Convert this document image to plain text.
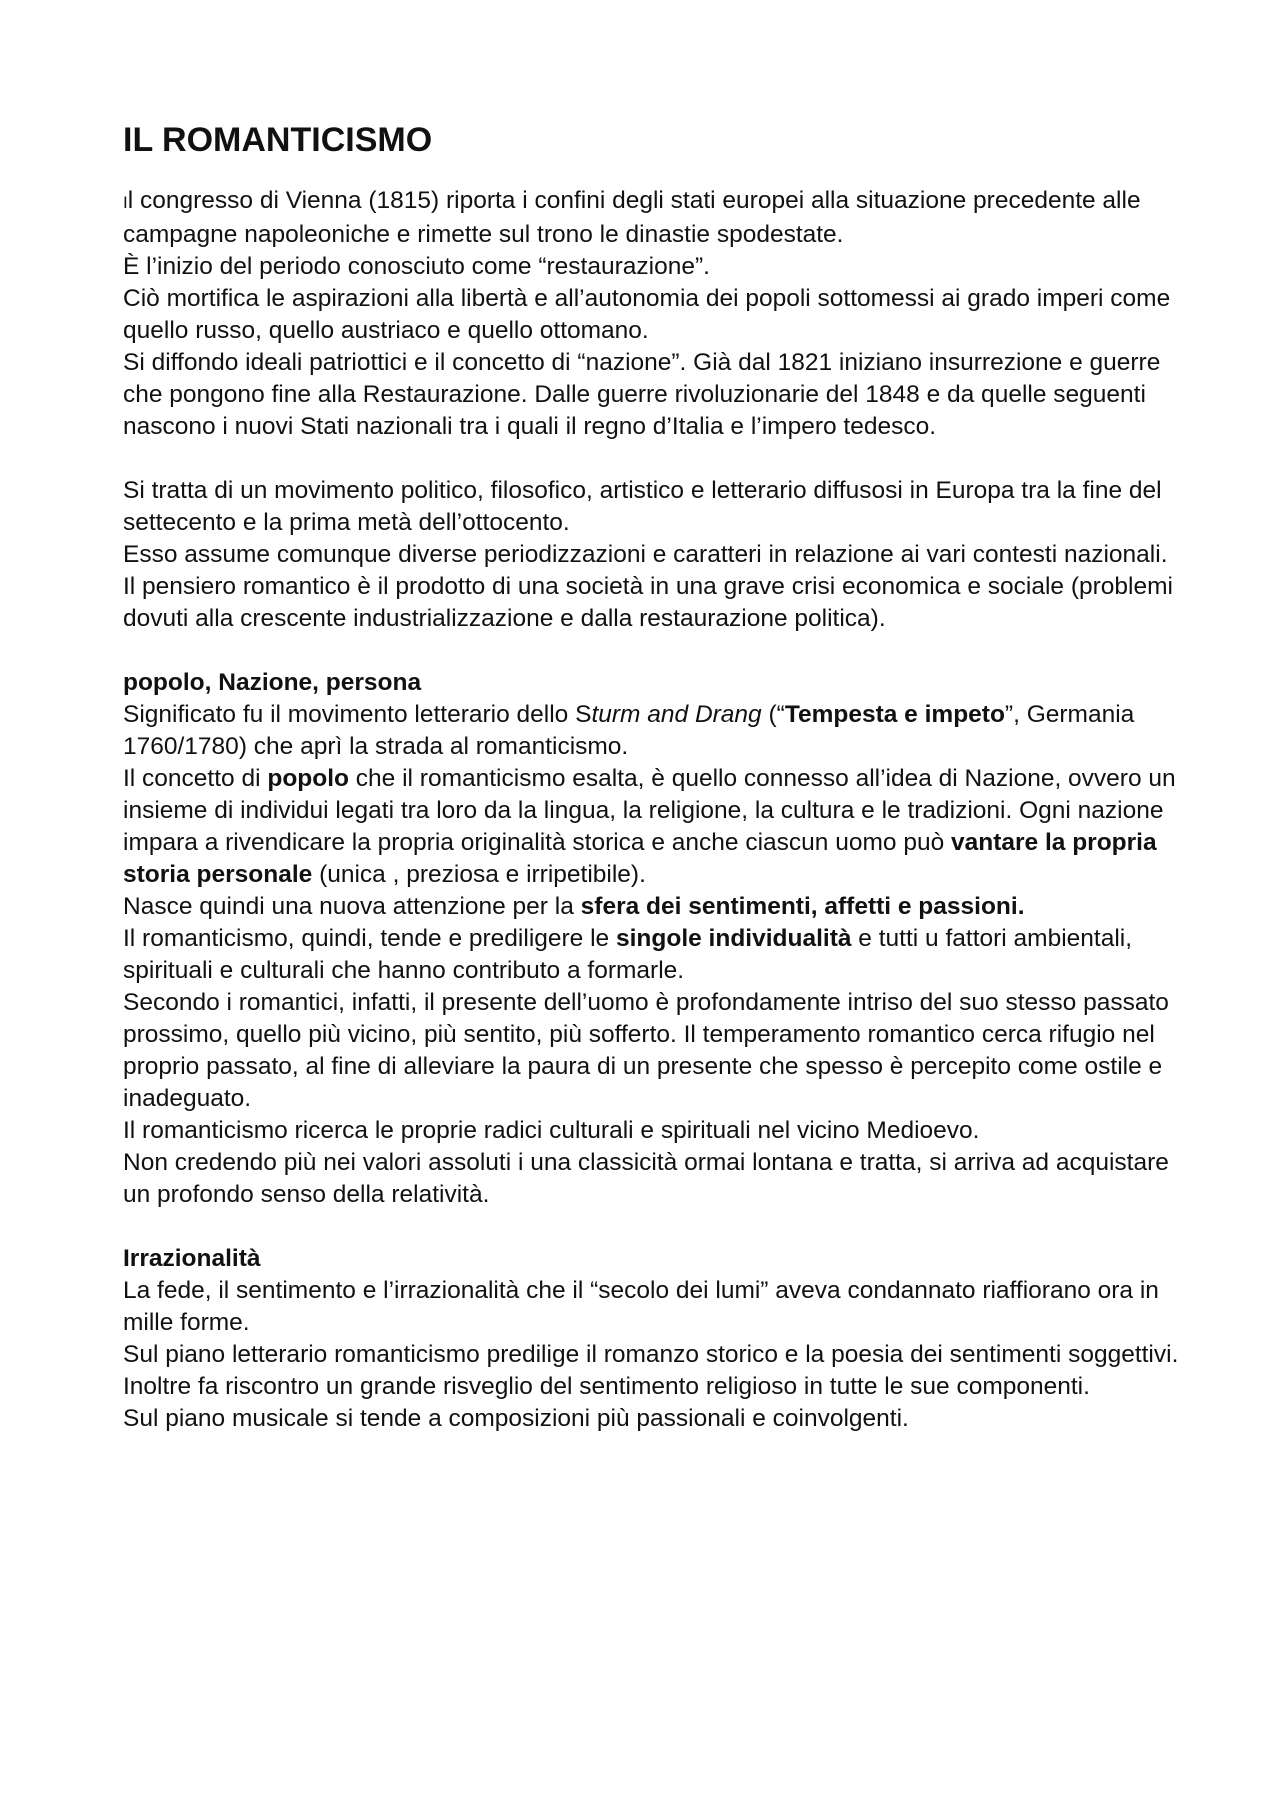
IL ROMANTICISMO

Il congresso di Vienna (1815) riporta i confini degli stati europei alla situazione precedente alle campagne napoleoniche e rimette sul trono le dinastie spodestate.

È l’inizio del periodo conosciuto come “restaurazione”.

Ciò mortifica le aspirazioni alla libertà e all’autonomia dei popoli sottomessi ai grado imperi come quello russo, quello austriaco e quello ottomano.

Si diffondo ideali patriottici e il concetto di “nazione”. Già dal 1821 iniziano insurrezione e guerre che pongono fine alla Restaurazione. Dalle guerre rivoluzionarie del 1848 e da quelle seguenti nascono i nuovi Stati nazionali tra i quali il regno d’Italia e l’impero tedesco.

Si tratta di un movimento politico, filosofico, artistico e letterario diffusosi in Europa tra la fine del settecento e la prima metà dell’ottocento.

Esso assume comunque diverse periodizzazioni e caratteri in relazione ai vari contesti nazionali.

Il pensiero romantico è il prodotto di una società in una grave crisi economica e sociale (problemi dovuti alla crescente industrializzazione e dalla restaurazione politica).

popolo, Nazione, persona

Significato fu il movimento letterario dello Sturm and Drang (“Tempesta e impeto”, Germania 1760/1780) che aprì la strada al romanticismo.

Il concetto di popolo che il romanticismo esalta, è quello connesso all’idea di Nazione, ovvero un insieme di individui legati tra loro da la lingua, la religione, la cultura e le tradizioni. Ogni nazione impara a rivendicare la propria originalità storica e anche ciascun uomo può vantare la propria storia personale (unica , preziosa e irripetibile).

Nasce quindi una nuova attenzione per la sfera dei sentimenti, affetti e passioni.

Il romanticismo, quindi, tende e prediligere le singole individualità e tutti u fattori ambientali, spirituali e culturali che hanno contributo a formarle.

Secondo i romantici, infatti, il presente dell’uomo è profondamente intriso del suo stesso passato prossimo, quello più vicino, più sentito, più sofferto. Il temperamento romantico cerca rifugio nel proprio passato, al fine di alleviare la paura di un presente che spesso è percepito come ostile e inadeguato.

Il romanticismo ricerca le proprie radici culturali e spirituali nel vicino Medioevo.

Non credendo più nei valori assoluti i una classicità ormai lontana e tratta, si arriva ad acquistare un profondo senso della relatività.

Irrazionalità

La fede, il sentimento e l’irrazionalità che il “secolo dei lumi” aveva condannato riaffiorano ora in mille forme.

Sul piano letterario romanticismo predilige il romanzo storico e la poesia dei sentimenti soggettivi. Inoltre fa riscontro un grande risveglio del sentimento religioso in tutte le sue componenti.

Sul piano musicale si tende a composizioni più passionali e coinvolgenti.
